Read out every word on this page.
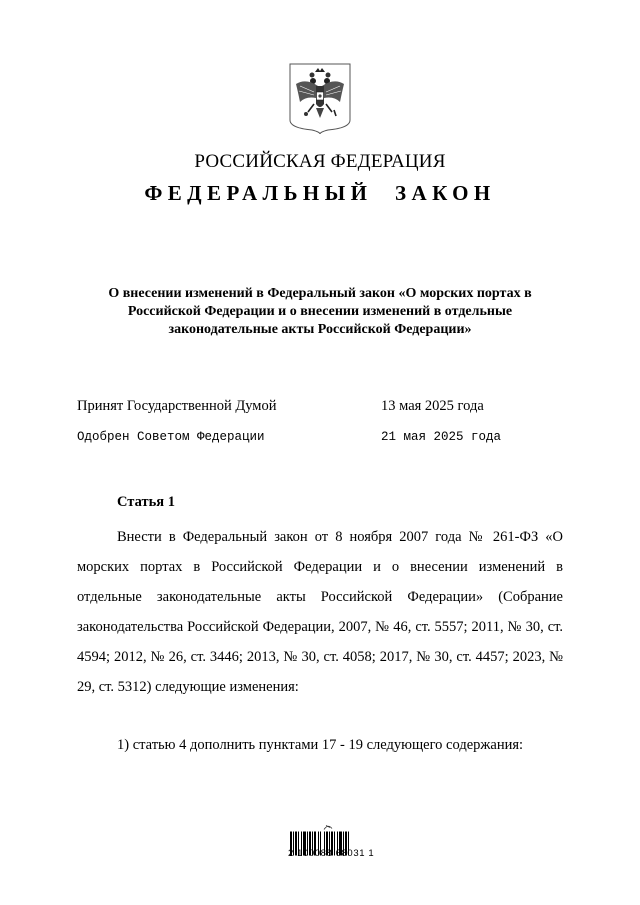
РОССИЙСКАЯ ФЕДЕРАЦИЯ
ФЕДЕРАЛЬНЫЙ ЗАКОН
О внесении изменений в Федеральный закон «О морских портах в Российской Федерации и о внесении изменений в отдельные законодательные акты Российской Федерации»
Принят Государственной Думой	13 мая 2025 года
Одобрен Советом Федерации	21 мая 2025 года
Статья 1

Внести в Федеральный закон от 8 ноября 2007 года № 261-ФЗ «О морских портах в Российской Федерации и о внесении изменений в отдельные законодательные акты Российской Федерации» (Собрание законодательства Российской Федерации, 2007, № 46, ст. 5557; 2011, № 30, ст. 4594; 2012, № 26, ст. 3446; 2013, № 30, ст. 4058; 2017, № 30, ст. 4457; 2023, № 29, ст. 5312) следующие изменения:

1) статью 4 дополнить пунктами 17 - 19 следующего содержания:
2 100088 68031 1
